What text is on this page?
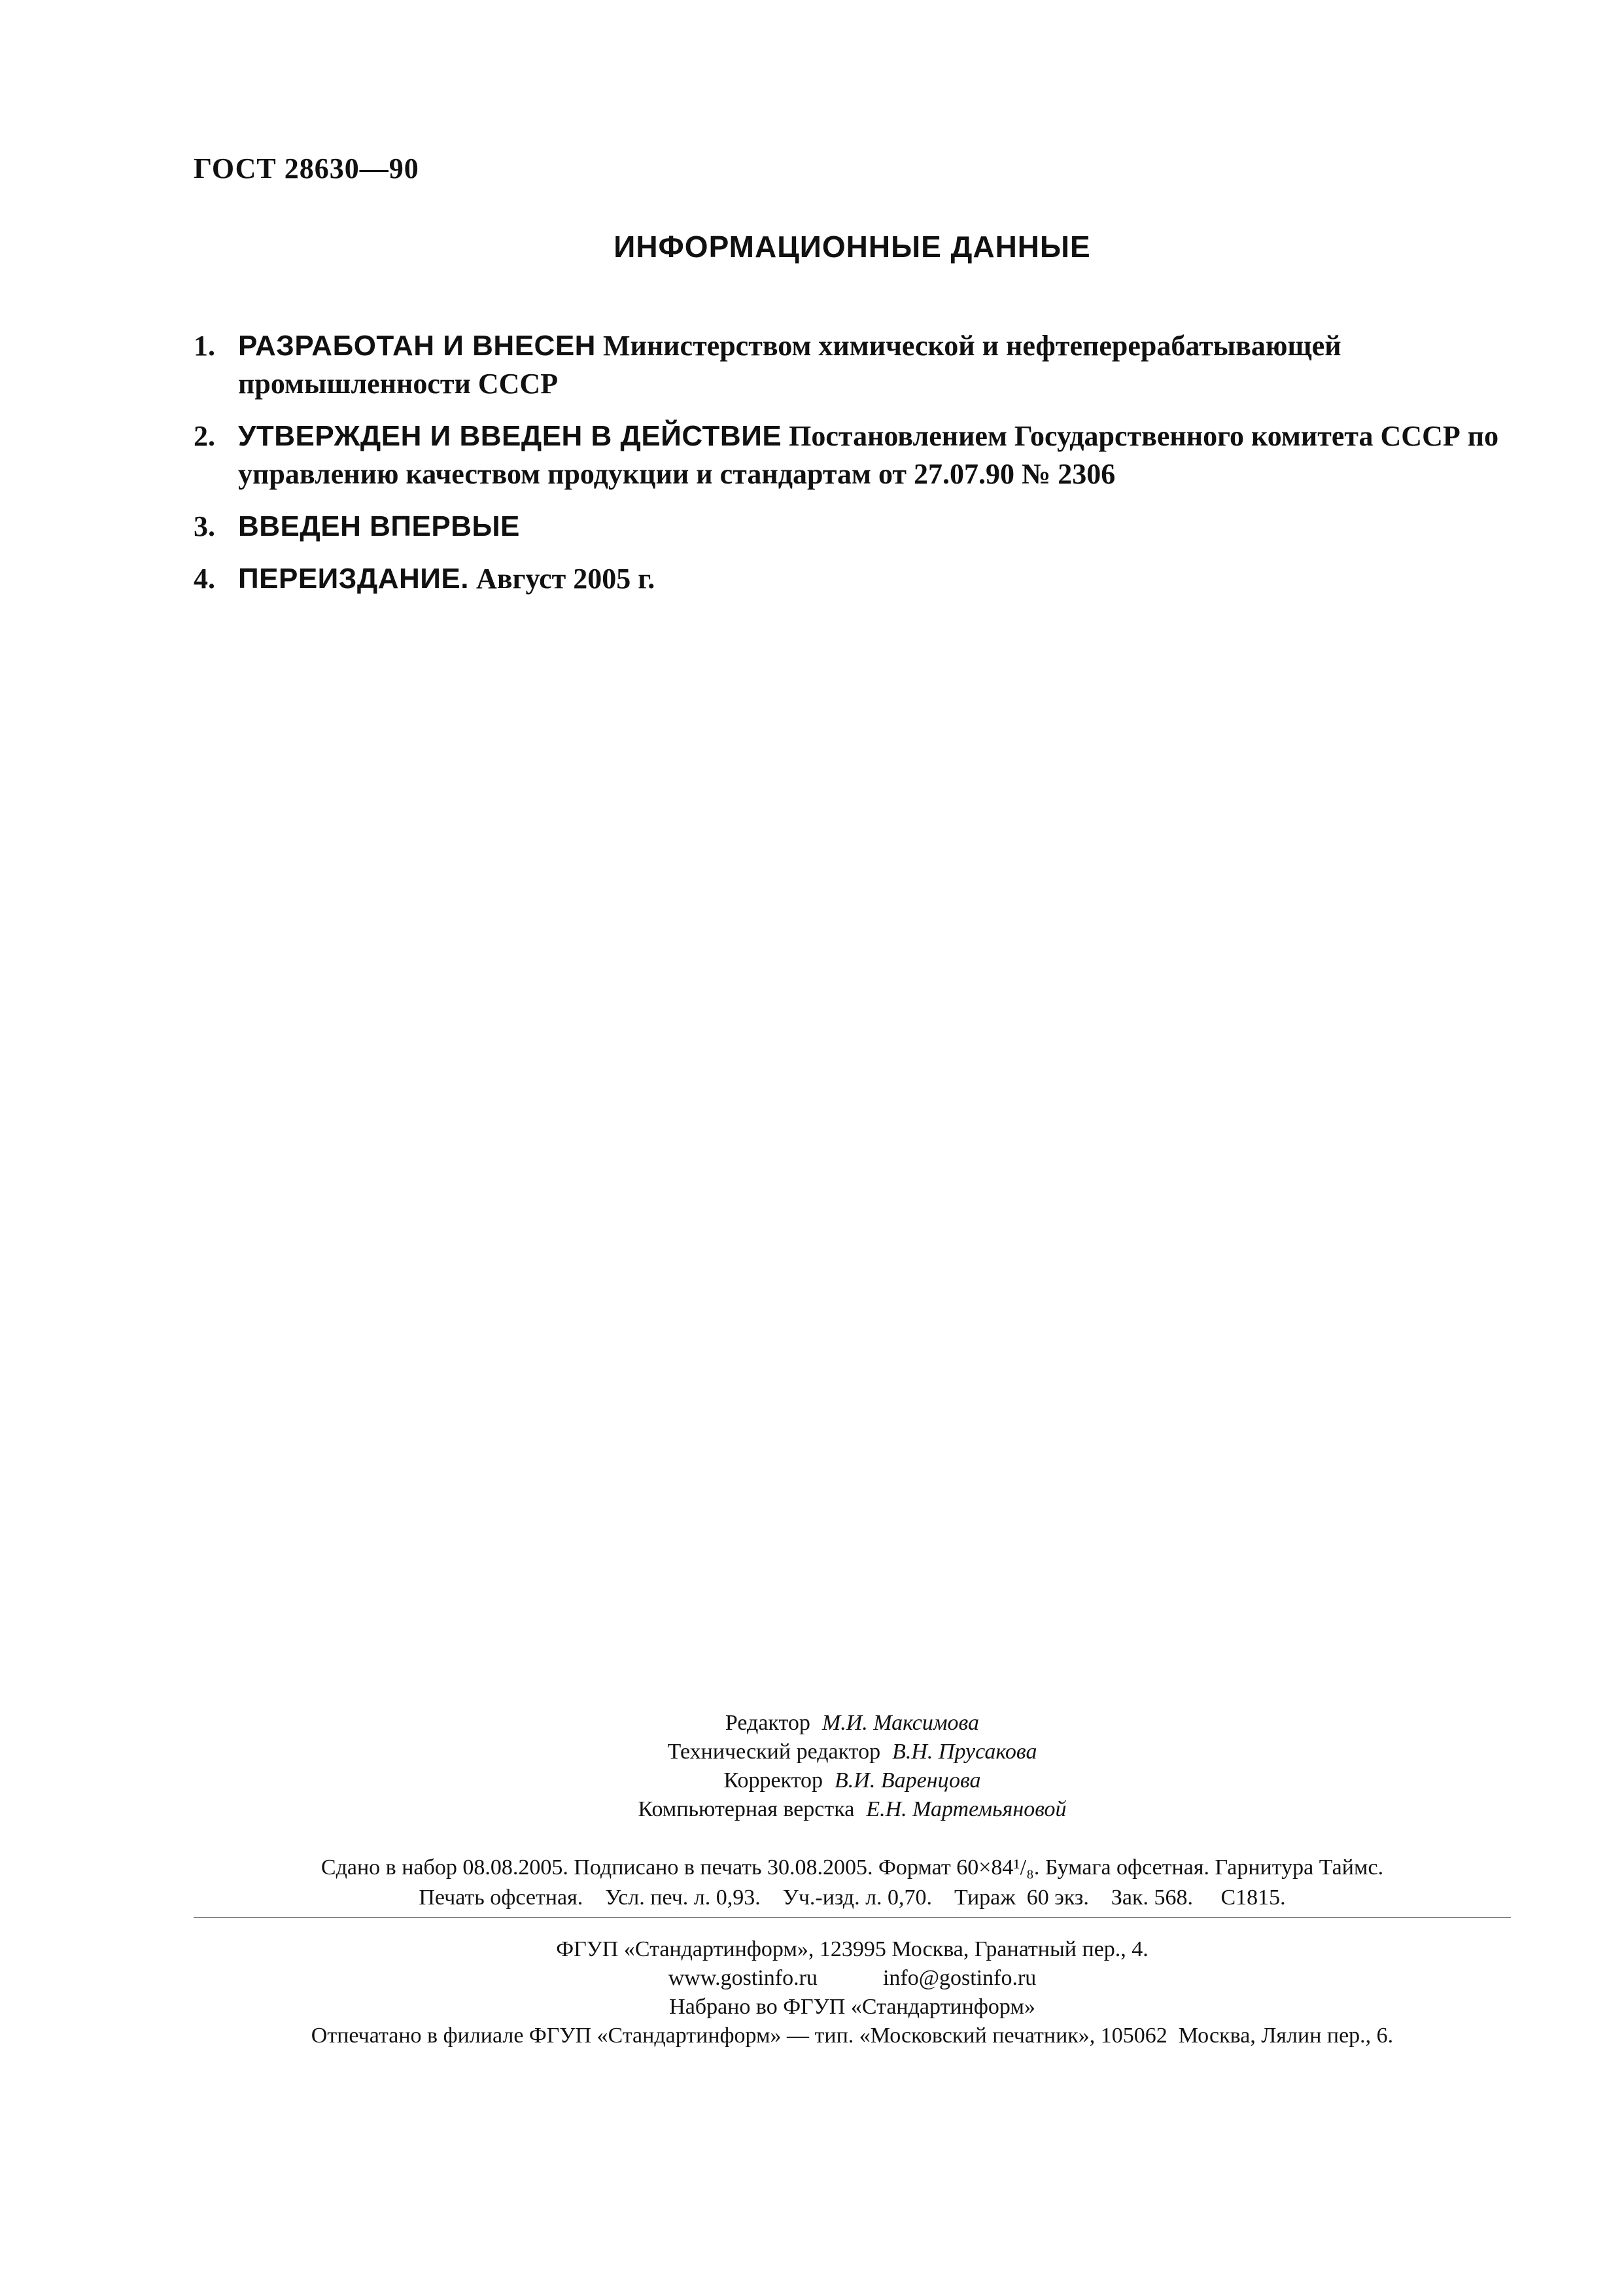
ГОСТ 28630—90
ИНФОРМАЦИОННЫЕ ДАННЫЕ
1. РАЗРАБОТАН И ВНЕСЕН Министерством химической и нефтеперерабатывающей промышленности СССР
2. УТВЕРЖДЕН И ВВЕДЕН В ДЕЙСТВИЕ Постановлением Государственного комитета СССР по управлению качеством продукции и стандартам от 27.07.90 № 2306
3. ВВЕДЕН ВПЕРВЫЕ
4. ПЕРЕИЗДАНИЕ. Август 2005 г.
Редактор М.И. Максимова
Технический редактор В.Н. Прусакова
Корректор В.И. Варенцова
Компьютерная верстка Е.Н. Мартемьяновой
Сдано в набор 08.08.2005. Подписано в печать 30.08.2005. Формат 60×84¹/₈. Бумага офсетная. Гарнитура Таймс.
Печать офсетная.    Усл. печ. л. 0,93.    Уч.-изд. л. 0,70.    Тираж  60 экз.    Зак. 568.     С1815.
ФГУП «Стандартинформ», 123995 Москва, Гранатный пер., 4.
www.gostinfo.ru	info@gostinfo.ru
Набрано во ФГУП «Стандартинформ»
Отпечатано в филиале ФГУП «Стандартинформ» — тип. «Московский печатник», 105062  Москва, Лялин пер., 6.
